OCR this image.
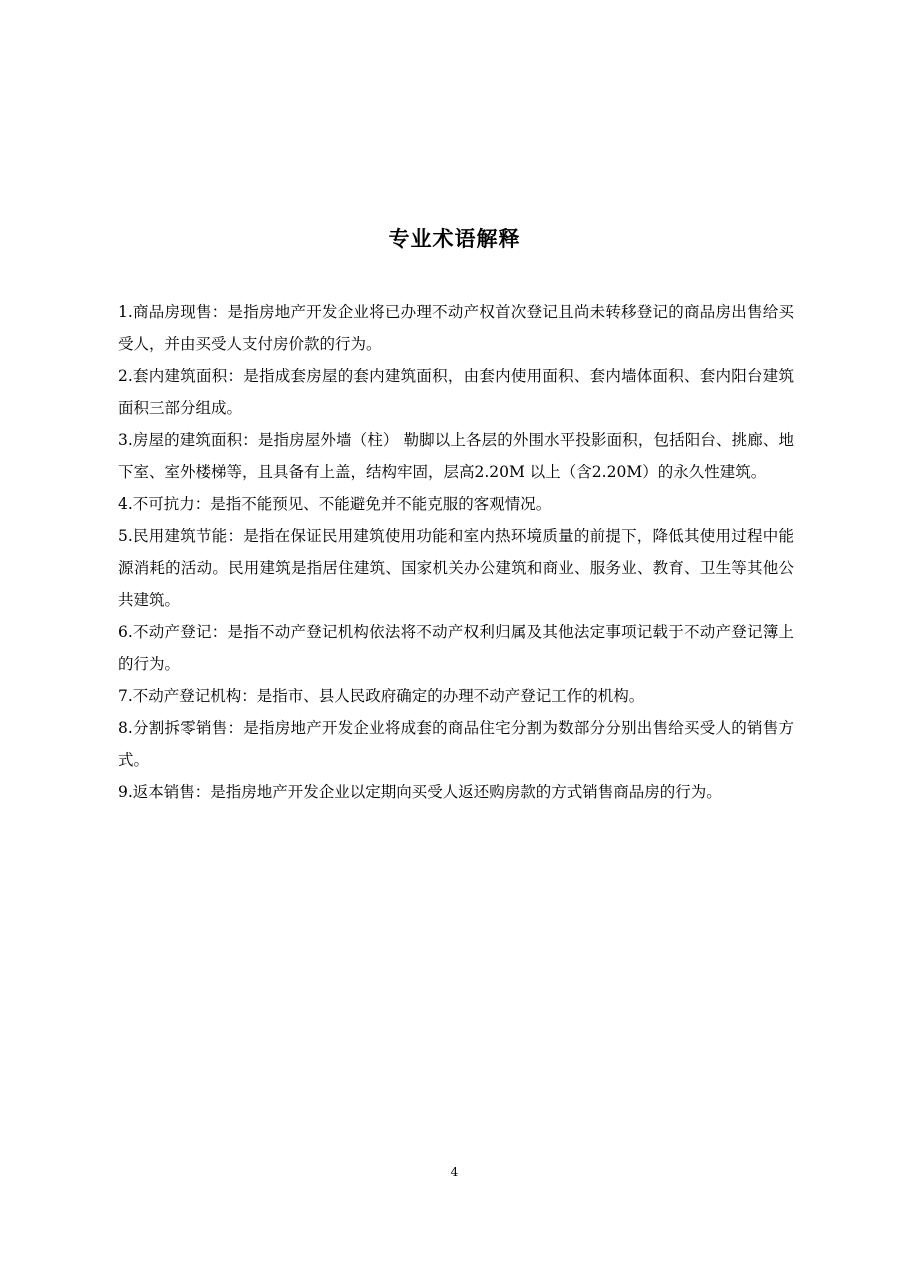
专业术语解释
1.商品房现售：是指房地产开发企业将已办理不动产权首次登记且尚未转移登记的商品房出售给买受人，并由买受人支付房价款的行为。
2.套内建筑面积：是指成套房屋的套内建筑面积，由套内使用面积、套内墙体面积、套内阳台建筑面积三部分组成。
3.房屋的建筑面积：是指房屋外墙（柱） 勒脚以上各层的外围水平投影面积，包括阳台、挑廊、地下室、室外楼梯等，且具备有上盖，结构牢固，层高2.20M 以上（含2.20M）的永久性建筑。
4.不可抗力：是指不能预见、不能避免并不能克服的客观情况。
5.民用建筑节能：是指在保证民用建筑使用功能和室内热环境质量的前提下，降低其使用过程中能源消耗的活动。民用建筑是指居住建筑、国家机关办公建筑和商业、服务业、教育、卫生等其他公共建筑。
6.不动产登记：是指不动产登记机构依法将不动产权利归属及其他法定事项记载于不动产登记簿上的行为。
7.不动产登记机构：是指市、县人民政府确定的办理不动产登记工作的机构。
8.分割拆零销售：是指房地产开发企业将成套的商品住宅分割为数部分分别出售给买受人的销售方式。
9.返本销售：是指房地产开发企业以定期向买受人返还购房款的方式销售商品房的行为。
4
